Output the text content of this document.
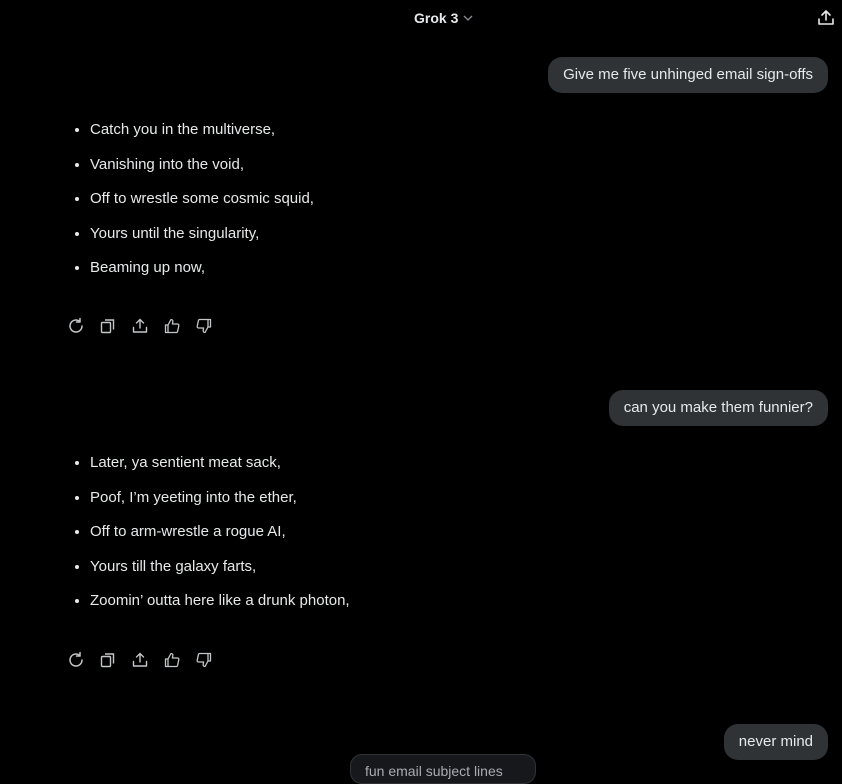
Grok 3
Give me five unhinged email sign-offs
• Catch you in the multiverse,
• Vanishing into the void,
• Off to wrestle some cosmic squid,
• Yours until the singularity,
• Beaming up now,
can you make them funnier?
• Later, ya sentient meat sack,
• Poof, I’m yeeting into the ether,
• Off to arm-wrestle a rogue AI,
• Yours till the galaxy farts,
• Zoomin’ outta here like a drunk photon,
never mind
fun email subject lines
